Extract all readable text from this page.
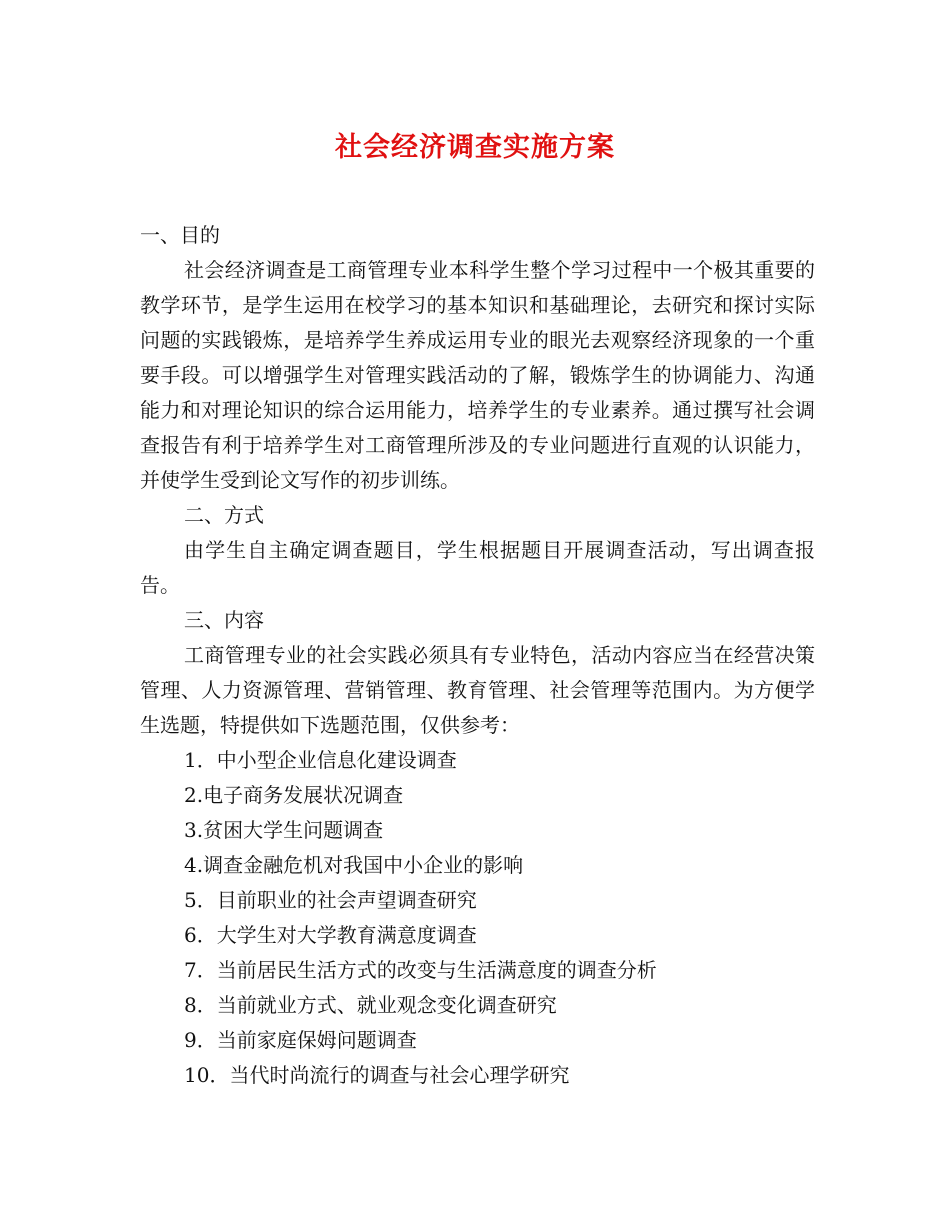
社会经济调查实施方案

一、目的

社会经济调查是工商管理专业本科学生整个学习过程中一个极其重要的教学环节，是学生运用在校学习的基本知识和基础理论，去研究和探讨实际问题的实践锻炼，是培养学生养成运用专业的眼光去观察经济现象的一个重要手段。可以增强学生对管理实践活动的了解，锻炼学生的协调能力、沟通能力和对理论知识的综合运用能力，培养学生的专业素养。通过撰写社会调查报告有利于培养学生对工商管理所涉及的专业问题进行直观的认识能力，并使学生受到论文写作的初步训练。

二、方式

由学生自主确定调查题目，学生根据题目开展调查活动，写出调查报告。

三、内容

工商管理专业的社会实践必须具有专业特色，活动内容应当在经营决策管理、人力资源管理、营销管理、教育管理、社会管理等范围内。为方便学生选题，特提供如下选题范围，仅供参考：

1．中小型企业信息化建设调查

2.电子商务发展状况调查

3.贫困大学生问题调查

4.调查金融危机对我国中小企业的影响

5．目前职业的社会声望调查研究

6．大学生对大学教育满意度调查

7．当前居民生活方式的改变与生活满意度的调查分析

8．当前就业方式、就业观念变化调查研究

9．当前家庭保姆问题调查

10．当代时尚流行的调查与社会心理学研究
